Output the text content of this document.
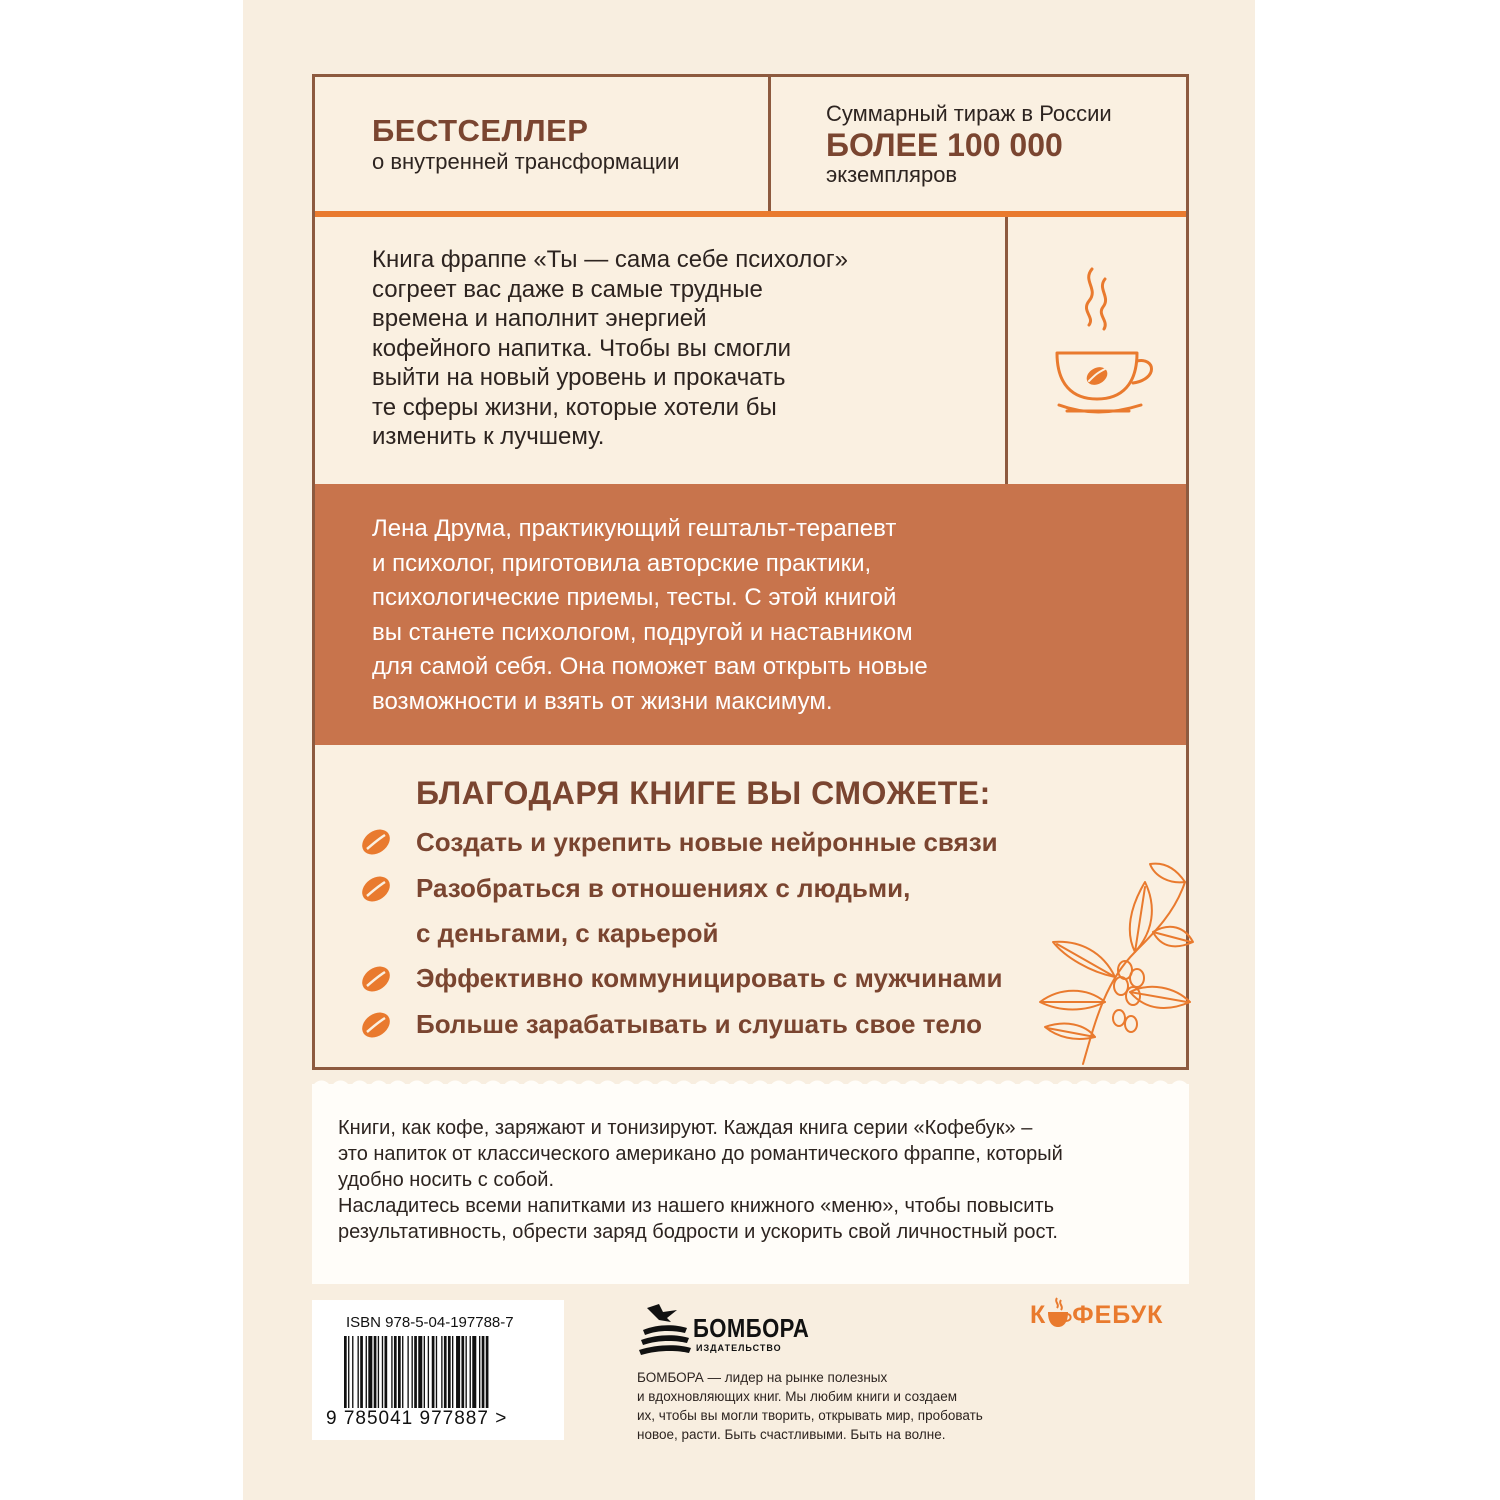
БЕСТСЕЛЛЕР
о внутренней трансформации
Суммарный тираж в России
БОЛЕЕ 100 000
экземпляров
Книга фраппе «Ты — сама себе психолог»
согреет вас даже в самые трудные
времена и наполнит энергией
кофейного напитка. Чтобы вы смогли
выйти на новый уровень и прокачать
те сферы жизни, которые хотели бы
изменить к лучшему.
Лена Друма, практикующий гештальт-терапевт
и психолог, приготовила авторские практики,
психологические приемы, тесты. С этой книгой
вы станете психологом, подругой и наставником
для самой себя. Она поможет вам открыть новые
возможности и взять от жизни максимум.
БЛАГОДАРЯ КНИГЕ ВЫ СМОЖЕТЕ:
Создать и укрепить новые нейронные связи
Разобраться в отношениях с людьми,
с деньгами, с карьерой
Эффективно коммуницировать с мужчинами
Больше зарабатывать и слушать свое тело
Книги, как кофе, заряжают и тонизируют. Каждая книга серии «Кофебук» –
это напиток от классического американо до романтического фраппе, который
удобно носить с собой.
Насладитесь всеми напитками из нашего книжного «меню», чтобы повысить
результативность, обрести заряд бодрости и ускорить свой личностный рост.
ISBN 978-5-04-197788-7
9 785041 977887 >
БОМБОРА
ИЗДАТЕЛЬСТВО
БОМБОРА — лидер на рынке полезных
и вдохновляющих книг. Мы любим книги и создаем
их, чтобы вы могли творить, открывать мир, пробовать
новое, расти. Быть счастливыми. Быть на волне.
К ФЕБУК
